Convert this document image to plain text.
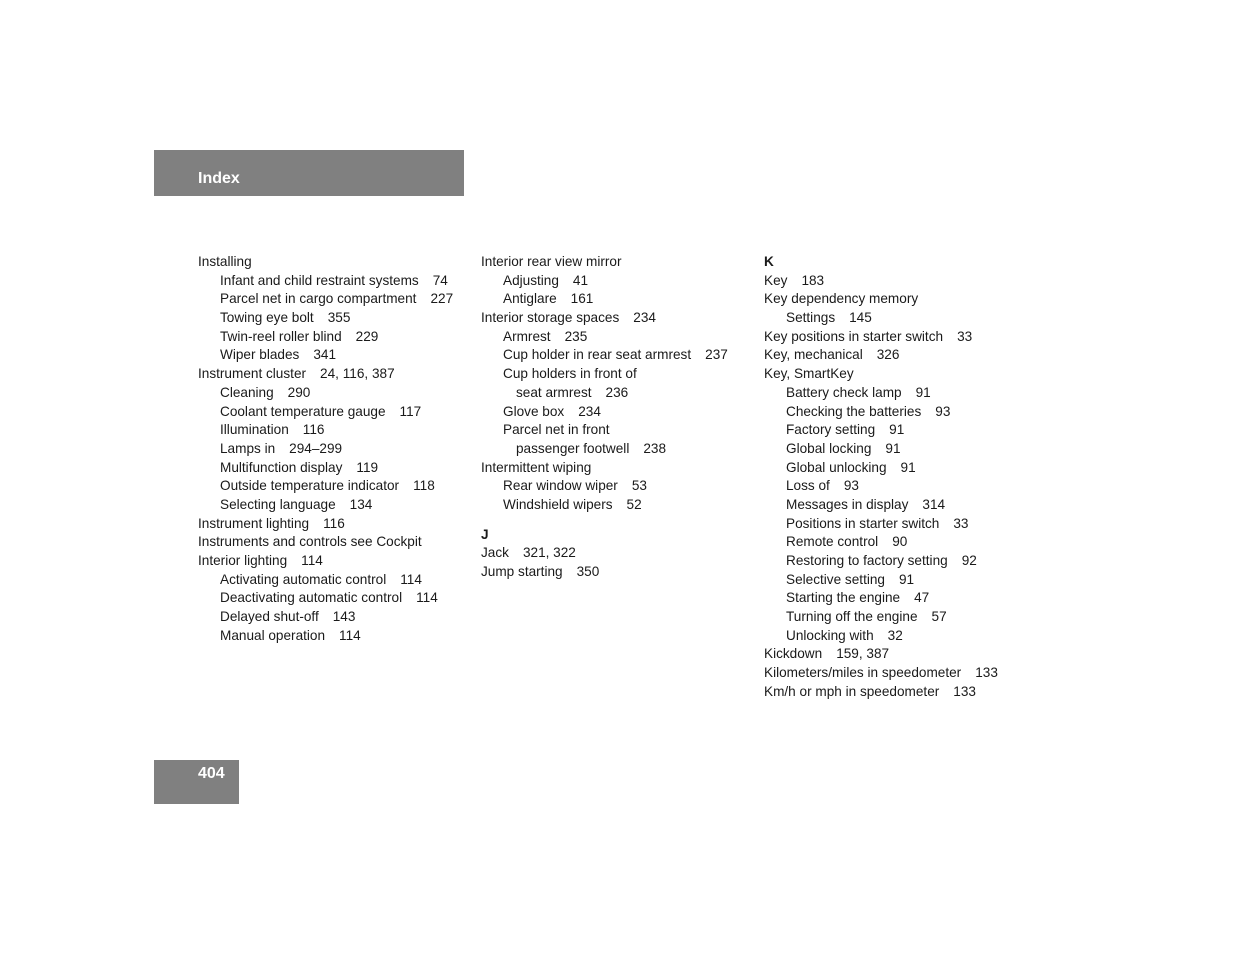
Index
Installing
Infant and child restraint systems 74
Parcel net in cargo compartment 227
Towing eye bolt 355
Twin-reel roller blind 229
Wiper blades 341
Instrument cluster 24, 116, 387
Cleaning 290
Coolant temperature gauge 117
Illumination 116
Lamps in 294–299
Multifunction display 119
Outside temperature indicator 118
Selecting language 134
Instrument lighting 116
Instruments and controls see Cockpit
Interior lighting 114
Activating automatic control 114
Deactivating automatic control 114
Delayed shut-off 143
Manual operation 114
Interior rear view mirror
Adjusting 41
Antiglare 161
Interior storage spaces 234
Armrest 235
Cup holder in rear seat armrest 237
Cup holders in front of
seat armrest 236
Glove box 234
Parcel net in front
passenger footwell 238
Intermittent wiping
Rear window wiper 53
Windshield wipers 52
J
Jack 321, 322
Jump starting 350
K
Key 183
Key dependency memory
Settings 145
Key positions in starter switch 33
Key, mechanical 326
Key, SmartKey
Battery check lamp 91
Checking the batteries 93
Factory setting 91
Global locking 91
Global unlocking 91
Loss of 93
Messages in display 314
Positions in starter switch 33
Remote control 90
Restoring to factory setting 92
Selective setting 91
Starting the engine 47
Turning off the engine 57
Unlocking with 32
Kickdown 159, 387
Kilometers/miles in speedometer 133
Km/h or mph in speedometer 133
404
